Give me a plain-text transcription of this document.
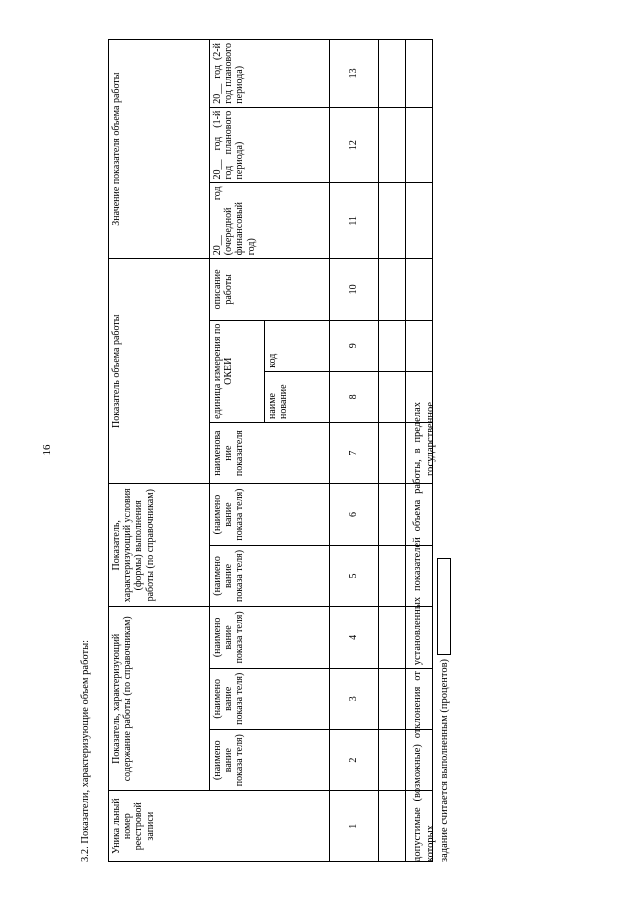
16
3.2. Показатели, характеризующие объем работы: Уника льный номер реестровой записи	Показатель, характеризующий содержание работы (по справочникам)			Показатель, характеризующий условия (формы) выполнения работы (по справочникам)		Показатель объема работы				Значение показателя объема работы		
	(наимено вание показа теля)	(наимено вание показа теля)	(наимено вание показа теля)	(наимено вание показа теля)	(наимено вание показа теля)	наименова ние показателя	единица измерения по ОКЕИ		описание работы	20__ год (очередной финансовый год)	20__ год (1-й год планового периода)	20__ год (2-й год планового периода)
							наиме нование	код				
1	2	3	4	5	6	7	8	9	10	11	12	13

допустимые (возможные) отклонения от установленных показателей объема работы, в пределах которых государственное задание считается выполненным (процентов)
